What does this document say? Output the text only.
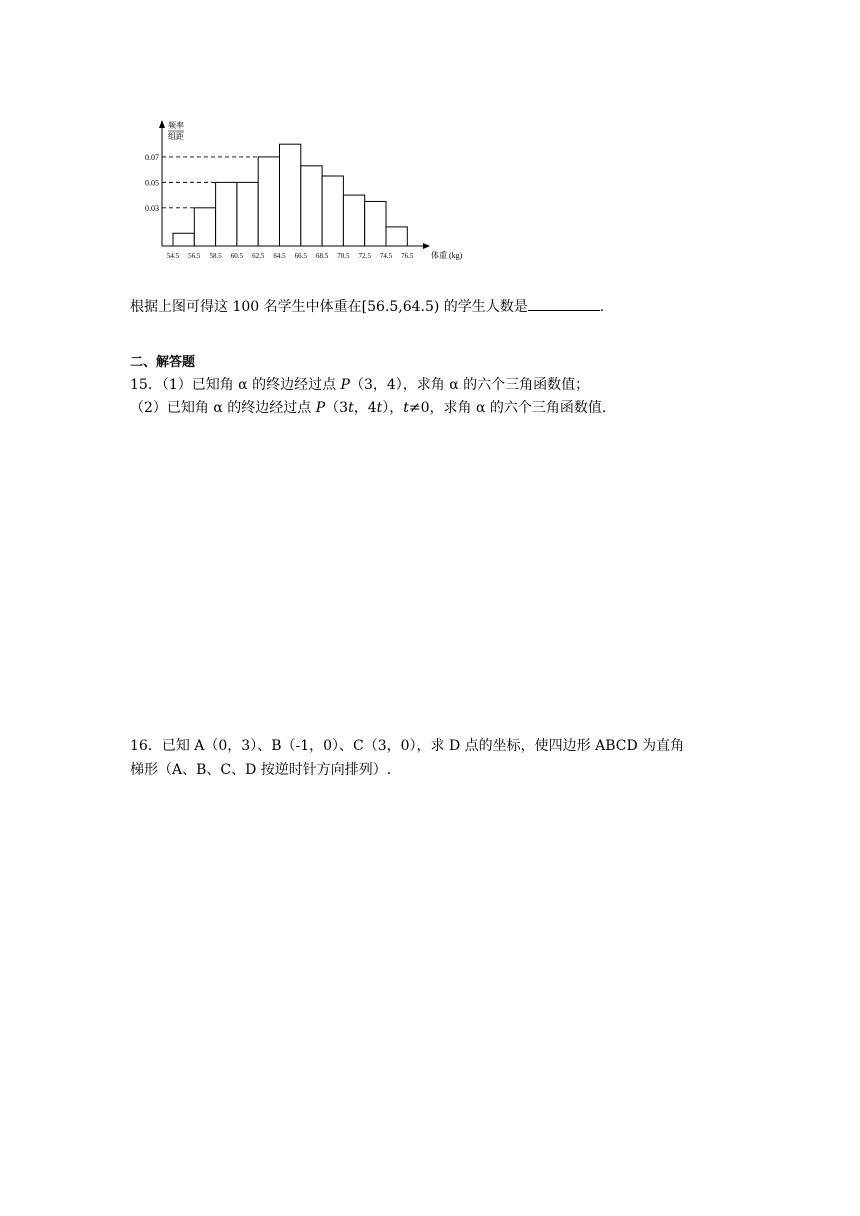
0.07
0.05
0.03
54.5 56.5 58.5 60.5 62.5 64.5 66.5 68.5 70.5 72.5 74.5 76.5
频率
组距
体重 (kg)
根据上图可得这 100 名学生中体重在[56.5,64.5) 的学生人数是	.
二、解答题
15．（1）已知角 α 的终边经过点 P（3，4），求角 α 的六个三角函数值；
（2）已知角 α 的终边经过点 P（3t，4t），t≠0，求角 α 的六个三角函数值.
16．已知 A（0，3）、B（-1，0）、C（3，0），求 D 点的坐标，使四边形 ABCD 为直角
梯形（A、B、C、D 按逆时针方向排列）.
